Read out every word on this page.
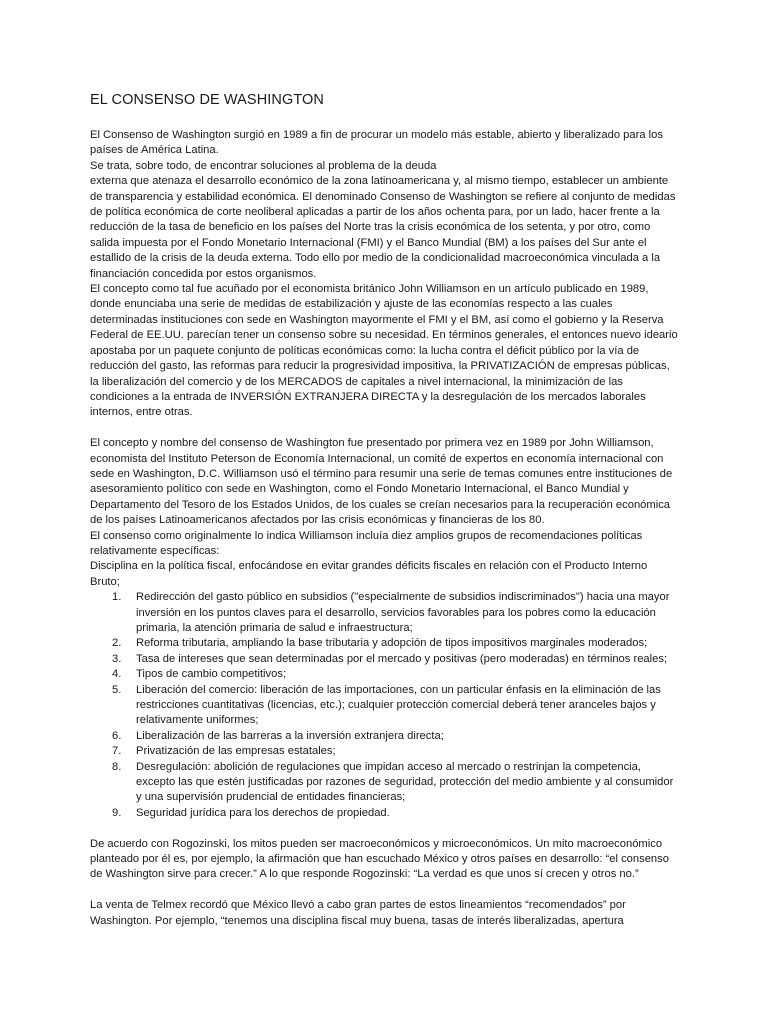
EL CONSENSO DE WASHINGTON

El Consenso de Washington surgió en 1989 a fin de procurar un modelo más estable, abierto y liberalizado para los países de América Latina.

Se trata, sobre todo, de encontrar soluciones al problema de la deuda

externa que atenaza el desarrollo económico de la zona latinoamericana y, al mismo tiempo, establecer un ambiente de transparencia y estabilidad económica. El denominado Consenso de Washington se refiere al conjunto de medidas de política económica de corte neoliberal aplicadas a partir de los años ochenta para, por un lado, hacer frente a la reducción de la tasa de beneficio en los países del Norte tras la crisis económica de los setenta, y por otro, como salida impuesta por el Fondo Monetario Internacional (FMI) y el Banco Mundial (BM) a los países del Sur ante el estallido de la crisis de la deuda externa. Todo ello por medio de la condicionalidad macroeconómica vinculada a la financiación concedida por estos organismos.

El concepto como tal fue acuñado por el economista británico John Williamson en un artículo publicado en 1989, donde enunciaba una serie de medidas de estabilización y ajuste de las economías respecto a las cuales determinadas instituciones con sede en Washington mayormente el FMI y el BM, así como el gobierno y la Reserva Federal de EE.UU. parecían tener un consenso sobre su necesidad. En términos generales, el entonces nuevo ideario apostaba por un paquete conjunto de políticas económicas como: la lucha contra el déficit público por la vía de reducción del gasto, las reformas para reducir la progresividad impositiva, la PRIVATIZACIÓN de empresas públicas, la liberalización del comercio y de los MERCADOS de capitales a nivel internacional, la minimización de las condiciones a la entrada de INVERSIÓN EXTRANJERA DIRECTA y la desregulación de los mercados laborales internos, entre otras.

El concepto y nombre del consenso de Washington fue presentado por primera vez en 1989 por John Williamson, economista del Instituto Peterson de Economía Internacional, un comité de expertos en economía internacional con sede en Washington, D.C. Williamson usó el término para resumir una serie de temas comunes entre instituciones de asesoramiento político con sede en Washington, como el Fondo Monetario Internacional, el Banco Mundial y Departamento del Tesoro de los Estados Unidos, de los cuales se creían necesarios para la recuperación económica de los países Latinoamericanos afectados por las crisis económicas y financieras de los 80.

El consenso como originalmente lo indica Williamson incluía diez amplios grupos de recomendaciones políticas relativamente específicas:

Disciplina en la política fiscal, enfocándose en evitar grandes déficits fiscales en relación con el Producto Interno Bruto;

1. Redirección del gasto público en subsidios ("especialmente de subsidios indiscriminados") hacia una mayor inversión en los puntos claves para el desarrollo, servicios favorables para los pobres como la educación primaria, la atención primaria de salud e infraestructura;
2. Reforma tributaria, ampliando la base tributaria y adopción de tipos impositivos marginales moderados;
3. Tasa de intereses que sean determinadas por el mercado y positivas (pero moderadas) en términos reales;
4. Tipos de cambio competitivos;
5. Liberación del comercio: liberación de las importaciones, con un particular énfasis en la eliminación de las restricciones cuantitativas (licencias, etc.); cualquier protección comercial deberá tener aranceles bajos y relativamente uniformes;
6. Liberalización de las barreras a la inversión extranjera directa;
7. Privatización de las empresas estatales;
8. Desregulación: abolición de regulaciones que impidan acceso al mercado o restrinjan la competencia, excepto las que estén justificadas por razones de seguridad, protección del medio ambiente y al consumidor y una supervisión prudencial de entidades financieras;
9. Seguridad jurídica para los derechos de propiedad.

De acuerdo con Rogozinski, los mitos pueden ser macroeconómicos y microeconómicos. Un mito macroeconómico planteado por él es, por ejemplo, la afirmación que han escuchado México y otros países en desarrollo: “el consenso de Washington sirve para crecer.” A lo que responde Rogozinski: “La verdad es que unos sí crecen y otros no.”

La venta de Telmex recordó que México llevó a cabo gran partes de estos lineamientos “recomendados” por Washington. Por ejemplo, “tenemos una disciplina fiscal muy buena, tasas de interés liberalizadas, apertura
